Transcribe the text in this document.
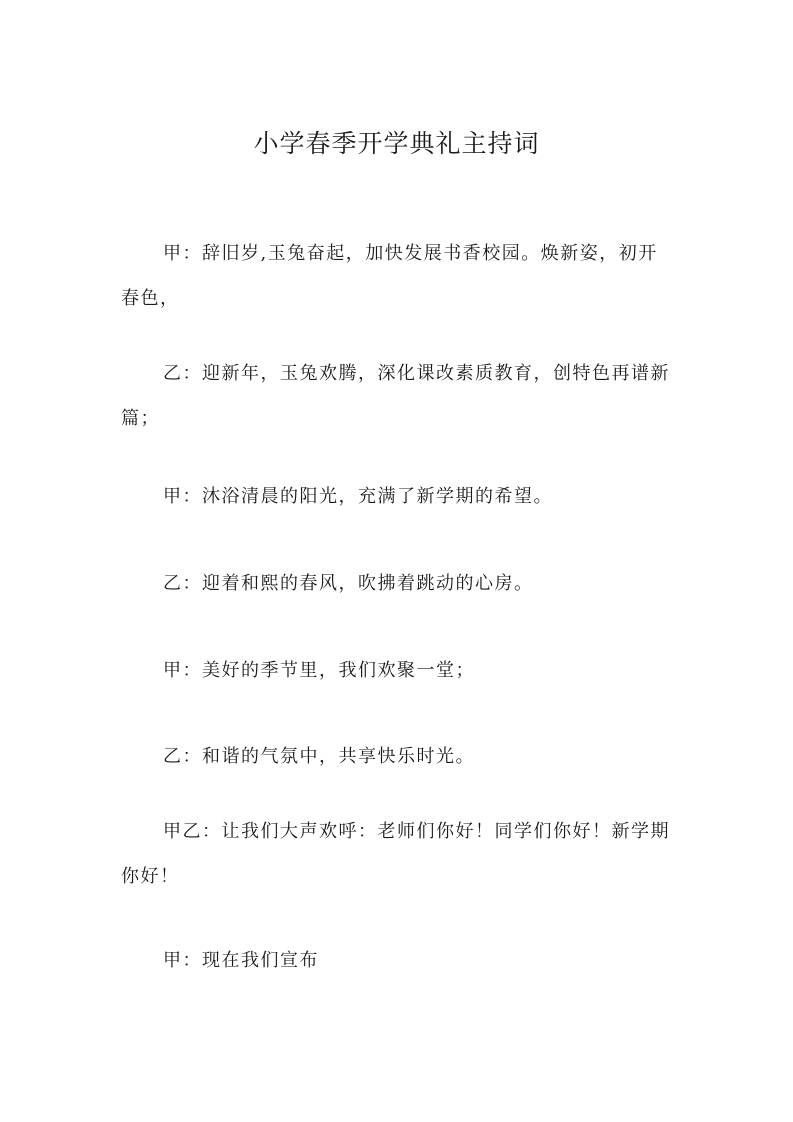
小学春季开学典礼主持词

甲：辞旧岁,玉兔奋起，加快发展书香校园。焕新姿，初开春色，

乙：迎新年，玉兔欢腾，深化课改素质教育，创特色再谱新篇；

甲：沐浴清晨的阳光，充满了新学期的希望。

乙：迎着和熙的春风，吹拂着跳动的心房。

甲：美好的季节里，我们欢聚一堂；

乙：和谐的气氛中，共享快乐时光。

甲乙：让我们大声欢呼：老师们你好！同学们你好！新学期你好！

甲：现在我们宣布
